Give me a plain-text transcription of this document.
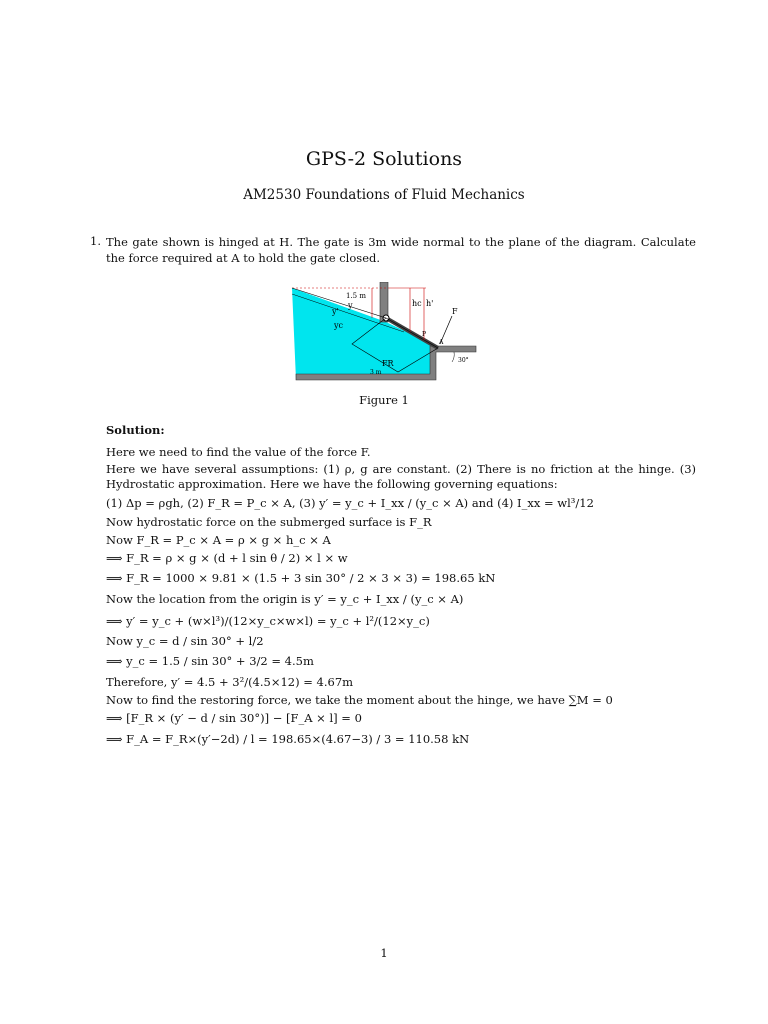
GPS-2 Solutions
AM2530 Foundations of Fluid Mechanics
1. The gate shown is hinged at H. The gate is 3m wide normal to the plane of the diagram. Calculate the force required at A to hold the gate closed.
1.5 m
y
y'
yc
hc h'
F
P
A
FR
3 m
30°
Figure 1
Solution:
Here we need to find the value of the force F.
Here we have several assumptions: (1) ρ, g are constant. (2) There is no friction at the hinge. (3) Hydrostatic approximation. Here we have the following governing equations:
(1) Δp = ρgh, (2) F_R = P_c × A, (3) y′ = y_c + I_xx / (y_c × A) and (4) I_xx = wl³/12
Now hydrostatic force on the submerged surface is F_R
Now F_R = P_c × A = ρ × g × h_c × A
⟹ F_R = ρ × g × (d + l sin θ / 2) × l × w
⟹ F_R = 1000 × 9.81 × (1.5 + 3 sin 30° / 2 × 3 × 3) = 198.65 kN
Now the location from the origin is y′ = y_c + I_xx / (y_c × A)
⟹ y′ = y_c + (w×l³)/(12×y_c×w×l) = y_c + l²/(12×y_c)
Now y_c = d / sin 30° + l/2
⟹ y_c = 1.5 / sin 30° + 3/2 = 4.5m
Therefore, y′ = 4.5 + 3²/(4.5×12) = 4.67m
Now to find the restoring force, we take the moment about the hinge, we have ∑M = 0
⟹ [F_R × (y′ − d / sin 30°)] − [F_A × l] = 0
⟹ F_A = F_R×(y′−2d) / l = 198.65×(4.67−3) / 3 = 110.58 kN
1
